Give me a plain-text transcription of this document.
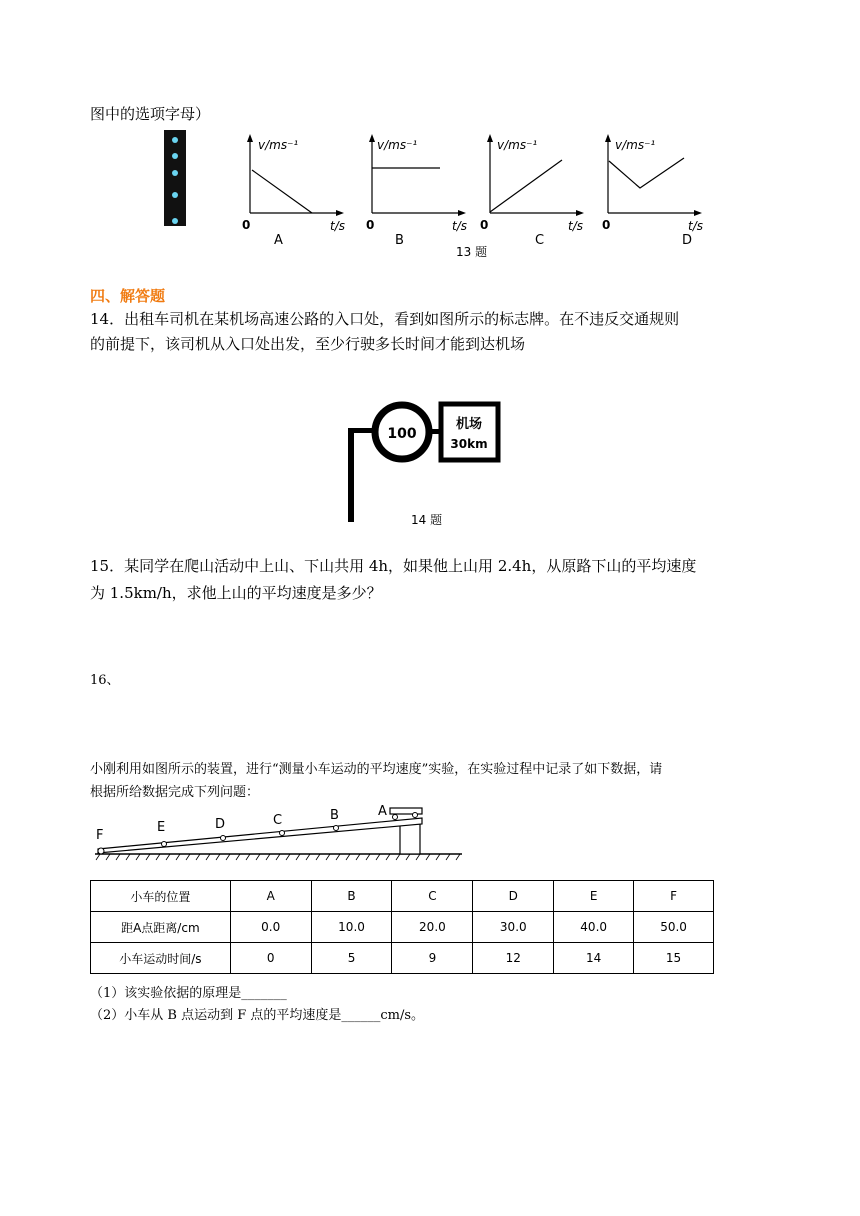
图中的选项字母）
v/ms⁻¹
t/s
0
A
v/ms⁻¹
t/s
0
B
v/ms⁻¹
t/s
0
C
v/ms⁻¹
t/s
0
D
13 题
四、解答题
14．出租车司机在某机场高速公路的入口处，看到如图所示的标志牌。在不违反交通规则
的前提下，该司机从入口处出发，至少行驶多长时间才能到达机场
100
机场
30km
14 题
15．某同学在爬山活动中上山、下山共用 4h，如果他上山用 2.4h，从原路下山的平均速度
为 1.5km/h，求他上山的平均速度是多少？
16、
小刚利用如图所示的装置，进行“测量小车运动的平均速度”实验，在实验过程中记录了如下数据，请
根据所给数据完成下列问题：
F
E	D	C	B	A
小车的位置	A	B	C	D	E	F
距A点距离/cm	0.0	10.0	20.0	30.0	40.0	50.0
小车运动时间/s	0	5	9	12	14	15
（1）该实验依据的原理是_______
（2）小车从 B 点运动到 F 点的平均速度是______cm/s。
